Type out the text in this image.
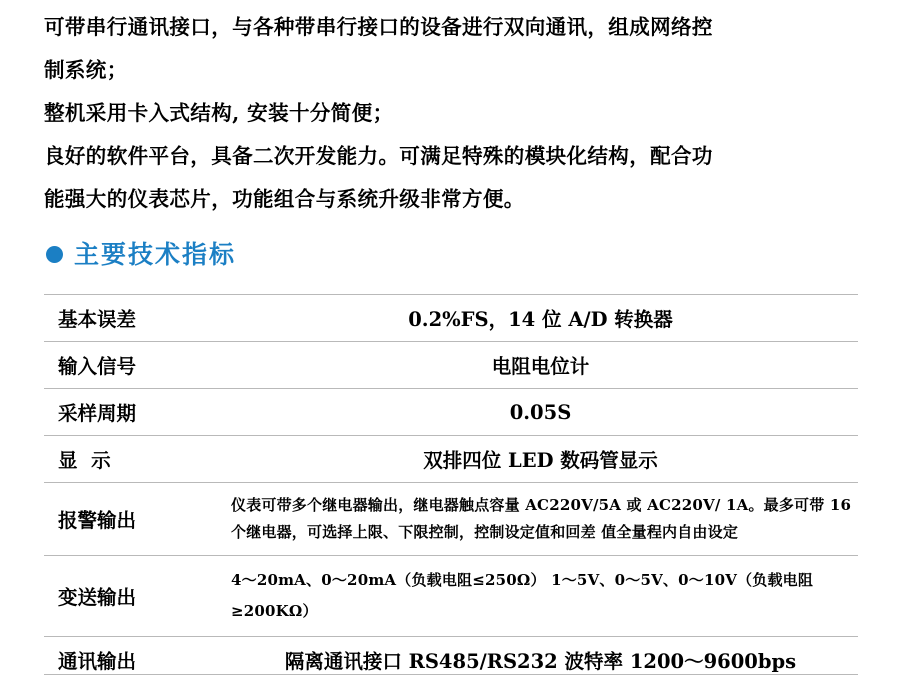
可带串行通讯接口，与各种带串行接口的设备进行双向通讯，组成网络控

制系统；

整机采用卡入式结构, 安装十分简便；

良好的软件平台，具备二次开发能力。可满足特殊的模块化结构，配合功

能强大的仪表芯片，功能组合与系统升级非常方便。

主要技术指标
基本误差	0.2%FS，14 位 A/D 转换器
输入信号	电阻电位计
采样周期	0.05S
显  示	双排四位 LED 数码管显示
报警输出	仪表可带多个继电器输出，继电器触点容量 AC220V/5A 或 AC220V/ 1A。最多可带 16 个继电器，可选择上限、下限控制，控制设定值和回差 值全量程内自由设定
变送输出	4～20mA、0～20mA（负载电阻≤250Ω） 1～5V、0～5V、0～10V（负载电阻≥200KΩ）
通讯输出	隔离通讯接口 RS485/RS232 波特率 1200～9600bps
